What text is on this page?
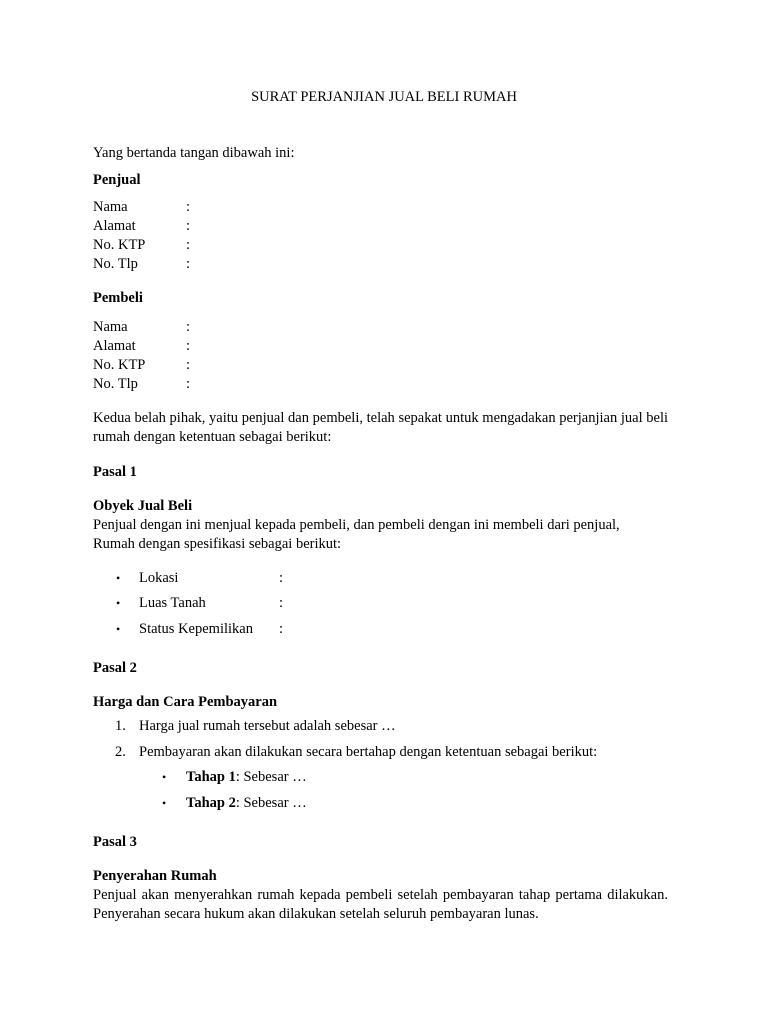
SURAT PERJANJIAN JUAL BELI RUMAH
Yang bertanda tangan dibawah ini:
Penjual
Nama	:
Alamat	:
No. KTP	:
No. Tlp	:
Pembeli
Nama	:
Alamat	:
No. KTP	:
No. Tlp	:
Kedua belah pihak, yaitu penjual dan pembeli, telah sepakat untuk mengadakan perjanjian jual beli rumah dengan ketentuan sebagai berikut:
Pasal 1
Obyek Jual Beli
Penjual dengan ini menjual kepada pembeli, dan pembeli dengan ini membeli dari penjual,
Rumah dengan spesifikasi sebagai berikut:
• Lokasi	:
• Luas Tanah	:
• Status Kepemilikan :
Pasal 2
Harga dan Cara Pembayaran
1. Harga jual rumah tersebut adalah sebesar …
2. Pembayaran akan dilakukan secara bertahap dengan ketentuan sebagai berikut:
• Tahap 1: Sebesar …
• Tahap 2: Sebesar …
Pasal 3
Penyerahan Rumah
Penjual akan menyerahkan rumah kepada pembeli setelah pembayaran tahap pertama dilakukan. Penyerahan secara hukum akan dilakukan setelah seluruh pembayaran lunas.
